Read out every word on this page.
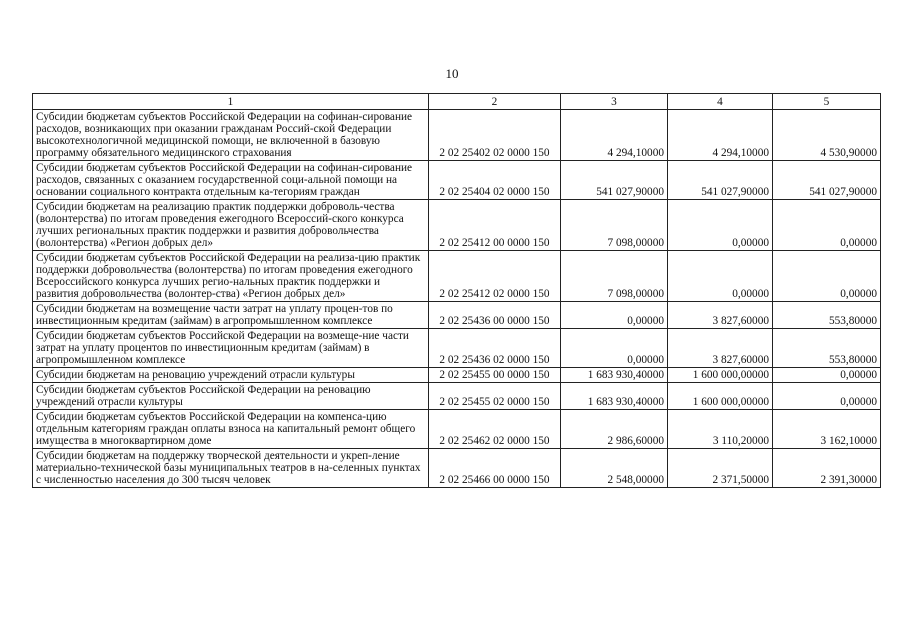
10
1	2	3	4	5
Субсидии бюджетам субъектов Российской Федерации на софинан-сирование расходов, возникающих при оказании гражданам Россий-ской Федерации высокотехнологичной медицинской помощи, не включенной в базовую программу обязательного медицинского страхования	2 02 25402 02 0000 150	4 294,10000	4 294,10000	4 530,90000
Субсидии бюджетам субъектов Российской Федерации на софинан-сирование расходов, связанных с оказанием государственной соци-альной помощи на основании социального контракта отдельным ка-тегориям граждан	2 02 25404 02 0000 150	541 027,90000	541 027,90000	541 027,90000
Субсидии бюджетам на реализацию практик поддержки доброволь-чества (волонтерства) по итогам проведения ежегодного Всероссий-ского конкурса лучших региональных практик поддержки и развития добровольчества (волонтерства) «Регион добрых дел»	2 02 25412 00 0000 150	7 098,00000	0,00000	0,00000
Субсидии бюджетам субъектов Российской Федерации на реализа-цию практик поддержки добровольчества (волонтерства) по итогам проведения ежегодного Всероссийского конкурса лучших регио-нальных практик поддержки и развития добровольчества (волонтер-ства) «Регион добрых дел»	2 02 25412 02 0000 150	7 098,00000	0,00000	0,00000
Субсидии бюджетам на возмещение части затрат на уплату процен-тов по инвестиционным кредитам (займам) в агропромышленном комплексе	2 02 25436 00 0000 150	0,00000	3 827,60000	553,80000
Субсидии бюджетам субъектов Российской Федерации на возмеще-ние части затрат на уплату процентов по инвестиционным кредитам (займам) в агропромышленном комплексе	2 02 25436 02 0000 150	0,00000	3 827,60000	553,80000
Субсидии бюджетам на реновацию учреждений отрасли культуры	2 02 25455 00 0000 150	1 683 930,40000	1 600 000,00000	0,00000
Субсидии бюджетам субъектов Российской Федерации на реновацию учреждений отрасли культуры	2 02 25455 02 0000 150	1 683 930,40000	1 600 000,00000	0,00000
Субсидии бюджетам субъектов Российской Федерации на компенса-цию отдельным категориям граждан оплаты взноса на капитальный ремонт общего имущества в многоквартирном доме	2 02 25462 02 0000 150	2 986,60000	3 110,20000	3 162,10000
Субсидии бюджетам на поддержку творческой деятельности и укреп-ление материально-технической базы муниципальных театров в на-селенных пунктах с численностью населения до 300 тысяч человек	2 02 25466 00 0000 150	2 548,00000	2 371,50000	2 391,30000
